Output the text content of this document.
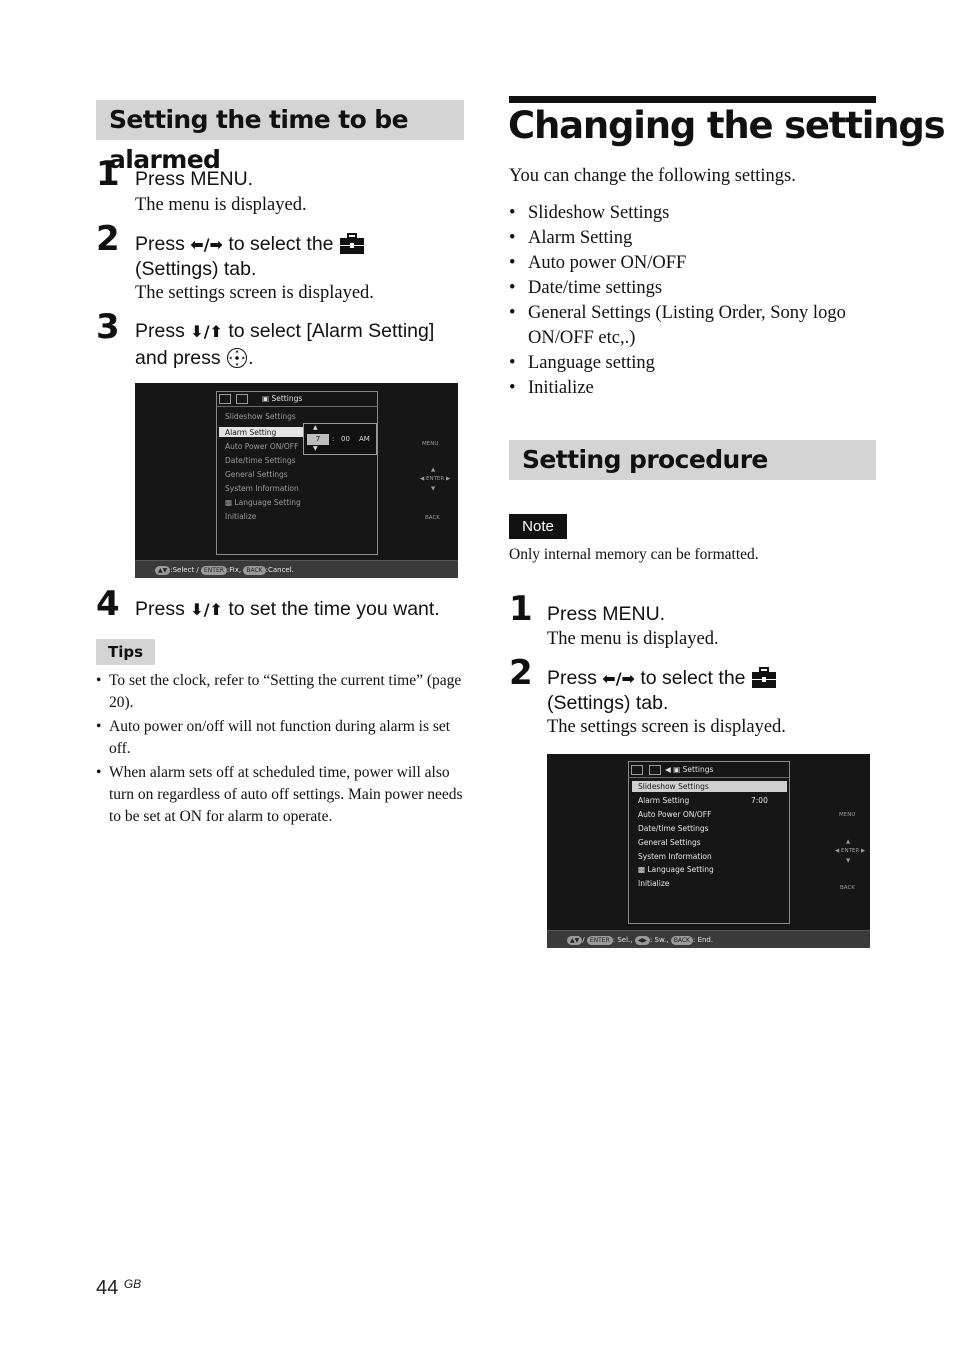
Setting the time to be alarmed
1 Press MENU.
The menu is displayed.
2 Press ⬅/➡ to select the
(Settings) tab.
The settings screen is displayed.
3 Press ⬇/⬆ to select [Alarm Setting]
and press .
▣ Settings
Slideshow Settings
Alarm Setting
Auto Power ON/OFF
Date/time Settings
General Settings
System Information
▩ Language Setting
Initialize
▲
7
▼
: 00 AM
MENU
▲
◀ ENTER ▶
▼
BACK
▲▼ :Select / ENTER :Fix, BACK :Cancel.
4 Press ⬇/⬆ to set the time you want.
Tips
• To set the clock, refer to “Setting the current time” (page 20).
• Auto power on/off will not function during alarm is set off.
• When alarm sets off at scheduled time, power will also turn on regardless of auto off settings. Main power needs to be set at ON for alarm to operate.
Changing the settings
You can change the following settings.
• Slideshow Settings
• Alarm Setting
• Auto power ON/OFF
• Date/time settings
• General Settings (Listing Order, Sony logo ON/OFF etc,.)
• Language setting
• Initialize
Setting procedure
Note
Only internal memory can be formatted.
1 Press MENU.
The menu is displayed.
2 Press ⬅/➡ to select the
(Settings) tab.
The settings screen is displayed.
◀ ▣ Settings
Slideshow Settings
Alarm Setting	7:00
Auto Power ON/OFF
Date/time Settings
General Settings
System Information
▩ Language Setting
Initialize
MENU
▲
◀ ENTER ▶
▼
BACK
▲▼ / ENTER : Sel., ◀▶ : Sw., BACK : End.
44 $^{GB}$
